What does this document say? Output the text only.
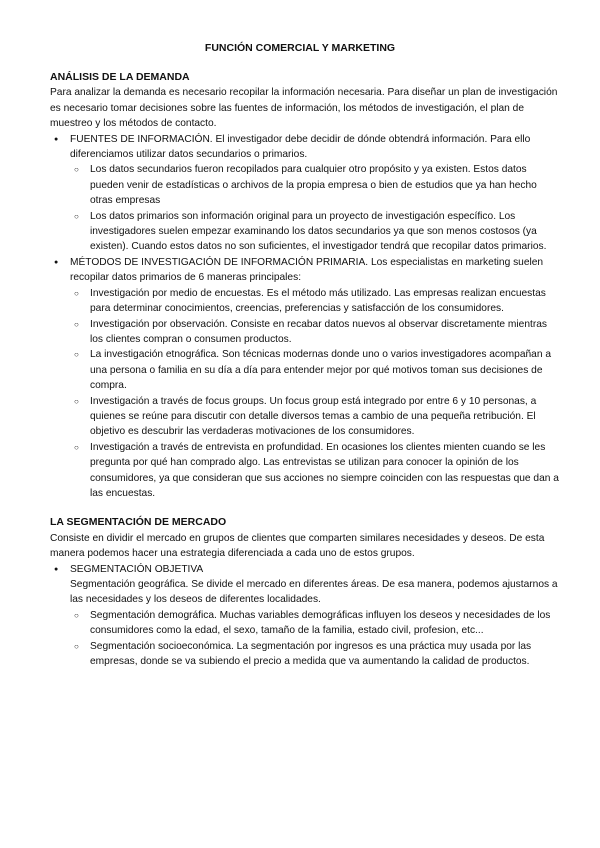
FUNCIÓN COMERCIAL Y MARKETING
ANÁLISIS DE LA DEMANDA

Para analizar la demanda es necesario recopilar la información necesaria. Para diseñar un plan de investigación es necesario tomar decisiones sobre las fuentes de información, los métodos de investigación, el plan de muestreo y los métodos de contacto.

● FUENTES DE INFORMACIÓN. El investigador debe decidir de dónde obtendrá información. Para ello diferenciamos utilizar datos secundarios o primarios.
○ Los datos secundarios fueron recopilados para cualquier otro propósito y ya existen. Estos datos pueden venir de estadísticas o archivos de la propia empresa o bien de estudios que ya han hecho otras empresas
○ Los datos primarios son información original para un proyecto de investigación específico. Los investigadores suelen empezar examinando los datos secundarios ya que son menos costosos (ya existen). Cuando estos datos no son suficientes, el investigador tendrá que recopilar datos primarios.
● MÉTODOS DE INVESTIGACIÓN DE INFORMACIÓN PRIMARIA. Los especialistas en marketing suelen recopilar datos primarios de 6 maneras principales:
○ Investigación por medio de encuestas. Es el método más utilizado. Las empresas realizan encuestas para determinar conocimientos, creencias, preferencias y satisfacción de los consumidores.
○ Investigación por observación. Consiste en recabar datos nuevos al observar discretamente mientras los clientes compran o consumen productos.
○ La investigación etnográfica. Son técnicas modernas donde uno o varios investigadores acompañan a una persona o familia en su día a día para entender mejor por qué motivos toman sus decisiones de compra.
○ Investigación a través de focus groups. Un focus group está integrado por entre 6 y 10 personas, a quienes se reúne para discutir con detalle diversos temas a cambio de una pequeña retribución. El objetivo es descubrir las verdaderas motivaciones de los consumidores.
○ Investigación a través de entrevista en profundidad. En ocasiones los clientes mienten cuando se les pregunta por qué han comprado algo. Las entrevistas se utilizan para conocer la opinión de los consumidores, ya que consideran que sus acciones no siempre coinciden con las respuestas que dan a las encuestas.
LA SEGMENTACIÓN DE MERCADO

Consiste en dividir el mercado en grupos de clientes que comparten similares necesidades y deseos. De esta manera podemos hacer una estrategia diferenciada a cada uno de estos grupos.

● SEGMENTACIÓN OBJETIVA

Segmentación geográfica. Se divide el mercado en diferentes áreas. De esa manera, podemos ajustarnos a las necesidades y los deseos de diferentes localidades.

○ Segmentación demográfica. Muchas variables demográficas influyen los deseos y necesidades de los consumidores como la edad, el sexo, tamaño de la familia, estado civil, profesion, etc...
○ Segmentación socioeconómica. La segmentación por ingresos es una práctica muy usada por las empresas, donde se va subiendo el precio a medida que va aumentando la calidad de productos.
